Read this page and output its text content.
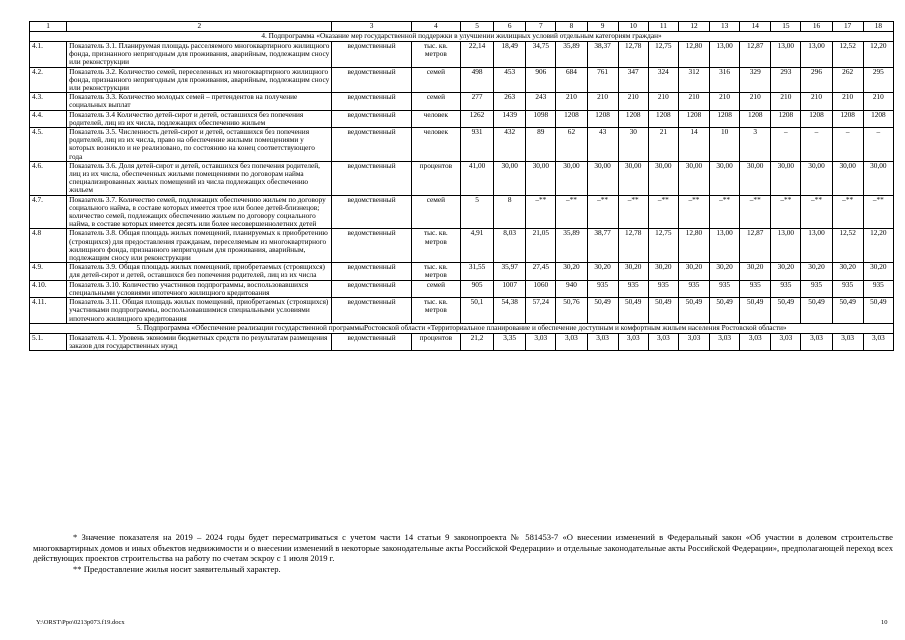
1	2	3	4	5	6	7	8	9	10	11	12	13	14	15	16	17	18
4. Подпрограмма «Оказание мер государственной поддержки в улучшении жилищных условий отдельным категориям граждан»																	
4.1.	Показатель 3.1. Планируемая площадь расселяемого многоквартирного жилищного фонда, признанного непригодным для проживания, аварийным, подлежащим сносу или реконструкции	ведомственный	тыс. кв. метров	22,14	18,49	34,75	35,89	38,37	12,78	12,75	12,80	13,00	12,87	13,00	13,00	12,52	12,20
4.2.	Показатель 3.2. Количество семей, переселенных из многоквартирного жилищного фонда, признанного непригодным для проживания, аварийным, подлежащим сносу или реконструкции	ведомственный	семей	498	453	906	684	761	347	324	312	316	329	293	296	262	295
4.3.	Показатель 3.3. Количество молодых семей – претендентов на получение социальных выплат	ведомственный	семей	277	263	243	210	210	210	210	210	210	210	210	210	210	210
4.4.	Показатель 3.4 Количество детей-сирот и детей, оставшихся без попечения родителей, лиц из их числа, подлежащих обеспечению жильем	ведомственный	человек	1262	1439	1098	1208	1208	1208	1208	1208	1208	1208	1208	1208	1208	1208
4.5.	Показатель 3.5. Численность детей-сирот и детей, оставшихся без попечения родителей, лиц из их числа, право на обеспечение жилыми помещениями у которых возникло и не реализовано, по состоянию на конец соответствующего года	ведомственный	человек	931	432	89	62	43	30	21	14	10	3	–	–	–	–
4.6.	Показатель 3.6. Доля детей-сирот и детей, оставшихся без попечения родителей, лиц из их числа, обеспеченных жилыми помещениями по договорам найма специализированных жилых помещений из числа подлежащих обеспечению жильем	ведомственный	процентов	41,00	30,00	30,00	30,00	30,00	30,00	30,00	30,00	30,00	30,00	30,00	30,00	30,00	30,00
4.7.	Показатель 3.7. Количество семей, подлежащих обеспечению жильем по договору социального найма, в составе которых имеется трое или более детей-близнецов; количество семей, подлежащих обеспечению жильем по договору социального найма, в составе которых имеется десять или более несовершеннолетних детей	ведомственный	семей	5	8	–**	–**	–**	–**	–**	–**	–**	–**	–**	–**	–**	–**
4.8	Показатель 3.8. Общая площадь жилых помещений, планируемых к приобретению (строящихся) для предоставления гражданам, переселяемым из многоквартирного жилищного фонда, признанного непригодным для проживания, аварийным, подлежащим сносу или реконструкции	ведомственный	тыс. кв. метров	4,91	8,03	21,05	35,89	38,77	12,78	12,75	12,80	13,00	12,87	13,00	13,00	12,52	12,20
4.9.	Показатель 3.9. Общая площадь жилых помещений, приобретаемых (строящихся) для детей-сирот и детей, оставшихся без попечения родителей, лиц из их числа	ведомственный	тыс. кв. метров	31,55	35,97	27,45	30,20	30,20	30,20	30,20	30,20	30,20	30,20	30,20	30,20	30,20	30,20
4.10.	Показатель 3.10. Количество участников подпрограммы, воспользовавшихся специальными условиями ипотечного жилищного кредитования	ведомственный	семей	905	1007	1060	940	935	935	935	935	935	935	935	935	935	935
4.11.	Показатель 3.11. Общая площадь жилых помещений, приобретаемых (строящихся) участниками подпрограммы, воспользовавшимися специальными условиями ипотечного жилищного кредитования	ведомственный	тыс. кв. метров	50,1	54,38	57,24	50,76	50,49	50,49	50,49	50,49	50,49	50,49	50,49	50,49	50,49	50,49
5. Подпрограмма «Обеспечение реализации государственной программыРостовской области «Территориальное планирование и обеспечение доступным и комфортным жильем населения Ростовской области»																	
5.1.	Показатель 4.1. Уровень экономии бюджетных средств по результатам размещения заказов для государственных нужд	ведомственный	процентов	21,2	3,35	3,03	3,03	3,03	3,03	3,03	3,03	3,03	3,03	3,03	3,03	3,03	3,03

* Значение показателя на 2019 – 2024 годы будет пересматриваться с учетом части 14 статьи 9 законопроекта № 581453-7 «О внесении изменений в Федеральный закон «Об участии в долевом строительстве многоквартирных домов и иных объектов недвижимости и о внесении изменений в некоторые законодательные акты Российской Федерации» и отдельные законодательные акты Российской Федерации», предполагающей переход всех действующих проектов строительства на работу по счетам эскроу с 1 июля 2019 г.

** Предоставление жилья носит заявительный характер.

Y:\ORST\Ppo\0213p073.f19.docx	10
